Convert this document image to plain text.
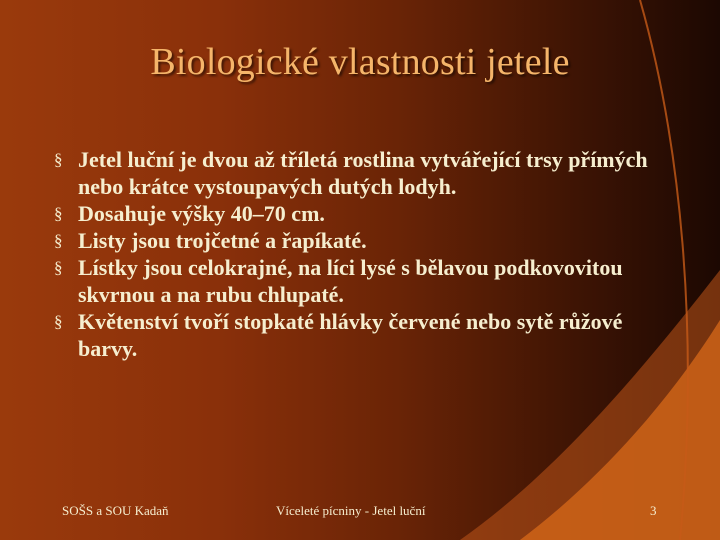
Biologické vlastnosti jetele
§ Jetel luční je dvou až tříletá rostlina vytvářející trsy přímých nebo krátce vystoupavých dutých lodyh.
§ Dosahuje výšky 40–70 cm.
§ Listy jsou trojčetné a řapíkaté.
§ Lístky jsou celokrajné, na líci lysé s bělavou podkovovitou skvrnou a na rubu chlupaté.
§ Květenství tvoří stopkaté hlávky červené nebo sytě růžové barvy.
SOŠS a SOU Kadaň	Víceleté pícniny - Jetel luční	3
